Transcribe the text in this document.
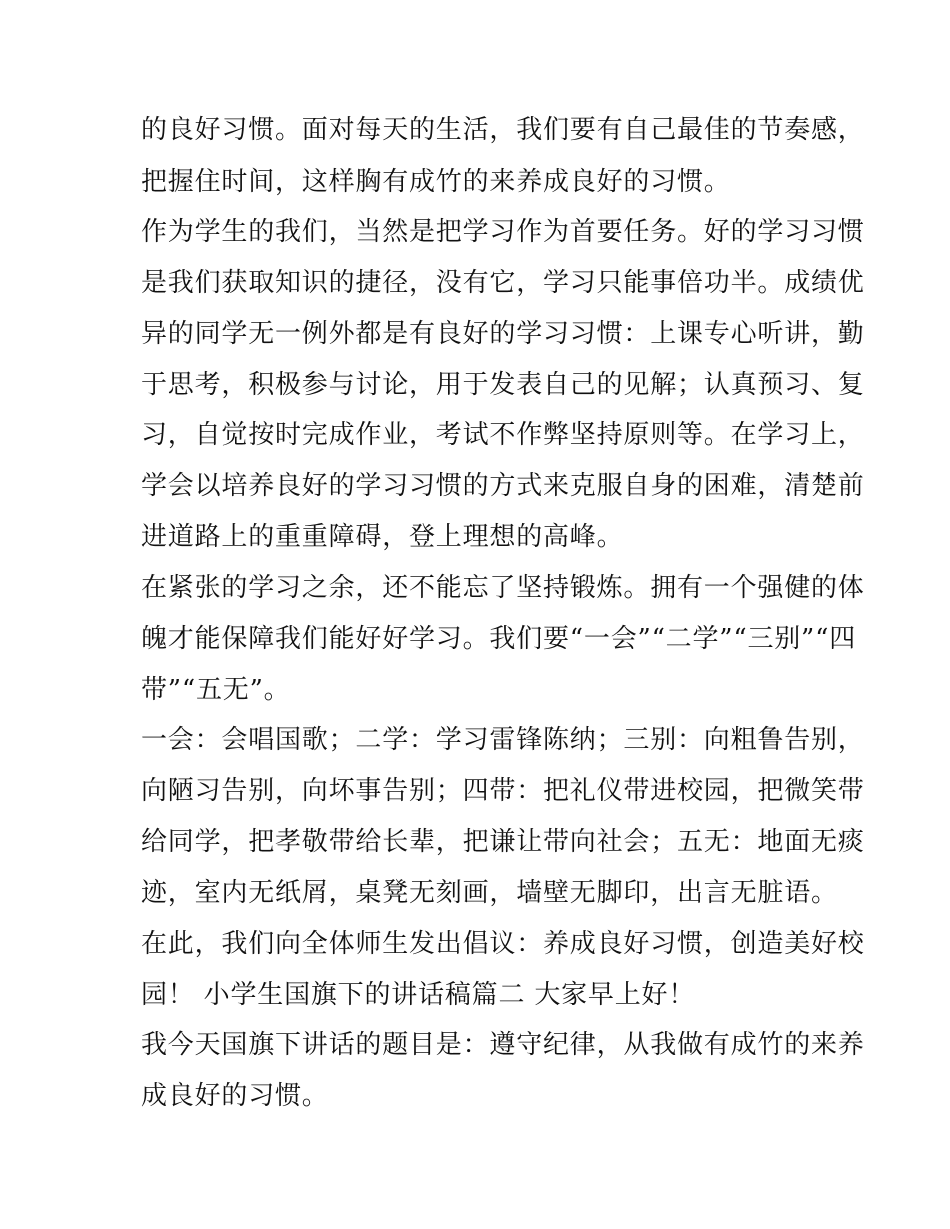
的良好习惯。面对每天的生活，我们要有自己最佳的节奏感，
把握住时间，这样胸有成竹的来养成良好的习惯。
作为学生的我们，当然是把学习作为首要任务。好的学习习惯
是我们获取知识的捷径，没有它，学习只能事倍功半。成绩优
异的同学无一例外都是有良好的学习习惯：上课专心听讲，勤
于思考，积极参与讨论，用于发表自己的见解；认真预习、复
习，自觉按时完成作业，考试不作弊坚持原则等。在学习上，
学会以培养良好的学习习惯的方式来克服自身的困难，清楚前
进道路上的重重障碍，登上理想的高峰。
在紧张的学习之余，还不能忘了坚持锻炼。拥有一个强健的体
魄才能保障我们能好好学习。我们要“一会”“二学”“三别”“四
带”“五无”。
一会：会唱国歌；二学：学习雷锋陈纳；三别：向粗鲁告别，
向陋习告别，向坏事告别；四带：把礼仪带进校园，把微笑带
给同学，把孝敬带给长辈，把谦让带向社会；五无：地面无痰
迹，室内无纸屑，桌凳无刻画，墙壁无脚印，出言无脏语。
在此，我们向全体师生发出倡议：养成良好习惯，创造美好校
园！ 小学生国旗下的讲话稿篇二 大家早上好！
我今天国旗下讲话的题目是：遵守纪律，从我做有成竹的来养
成良好的习惯。
